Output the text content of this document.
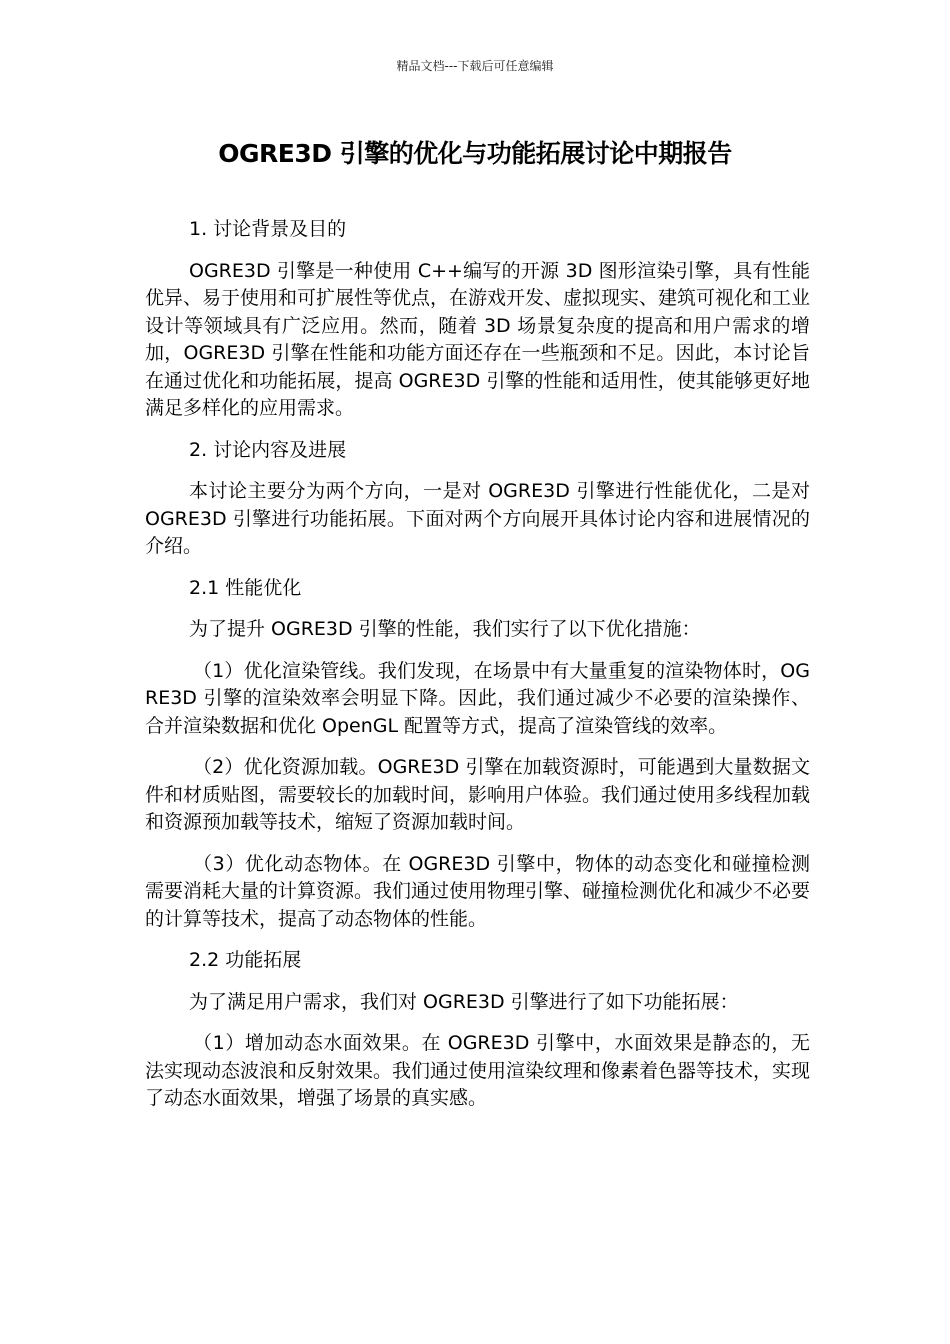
精品文档---下载后可任意编辑
OGRE3D 引擎的优化与功能拓展讨论中期报告

1. 讨论背景及目的

OGRE3D 引擎是一种使用 C++编写的开源 3D 图形渲染引擎，具有性能优异、易于使用和可扩展性等优点，在游戏开发、虚拟现实、建筑可视化和工业设计等领域具有广泛应用。然而，随着 3D 场景复杂度的提高和用户需求的增加，OGRE3D 引擎在性能和功能方面还存在一些瓶颈和不足。因此，本讨论旨在通过优化和功能拓展，提高 OGRE3D 引擎的性能和适用性，使其能够更好地满足多样化的应用需求。

2. 讨论内容及进展

本讨论主要分为两个方向，一是对 OGRE3D 引擎进行性能优化，二是对 OGRE3D 引擎进行功能拓展。下面对两个方向展开具体讨论内容和进展情况的介绍。

2.1 性能优化

为了提升 OGRE3D 引擎的性能，我们实行了以下优化措施：

（1）优化渲染管线。我们发现，在场景中有大量重复的渲染物体时，OGRE3D 引擎的渲染效率会明显下降。因此，我们通过减少不必要的渲染操作、合并渲染数据和优化 OpenGL 配置等方式，提高了渲染管线的效率。

（2）优化资源加载。OGRE3D 引擎在加载资源时，可能遇到大量数据文件和材质贴图，需要较长的加载时间，影响用户体验。我们通过使用多线程加载和资源预加载等技术，缩短了资源加载时间。

（3）优化动态物体。在 OGRE3D 引擎中，物体的动态变化和碰撞检测需要消耗大量的计算资源。我们通过使用物理引擎、碰撞检测优化和减少不必要的计算等技术，提高了动态物体的性能。

2.2 功能拓展

为了满足用户需求，我们对 OGRE3D 引擎进行了如下功能拓展：

（1）增加动态水面效果。在 OGRE3D 引擎中，水面效果是静态的，无法实现动态波浪和反射效果。我们通过使用渲染纹理和像素着色器等技术，实现了动态水面效果，增强了场景的真实感。
